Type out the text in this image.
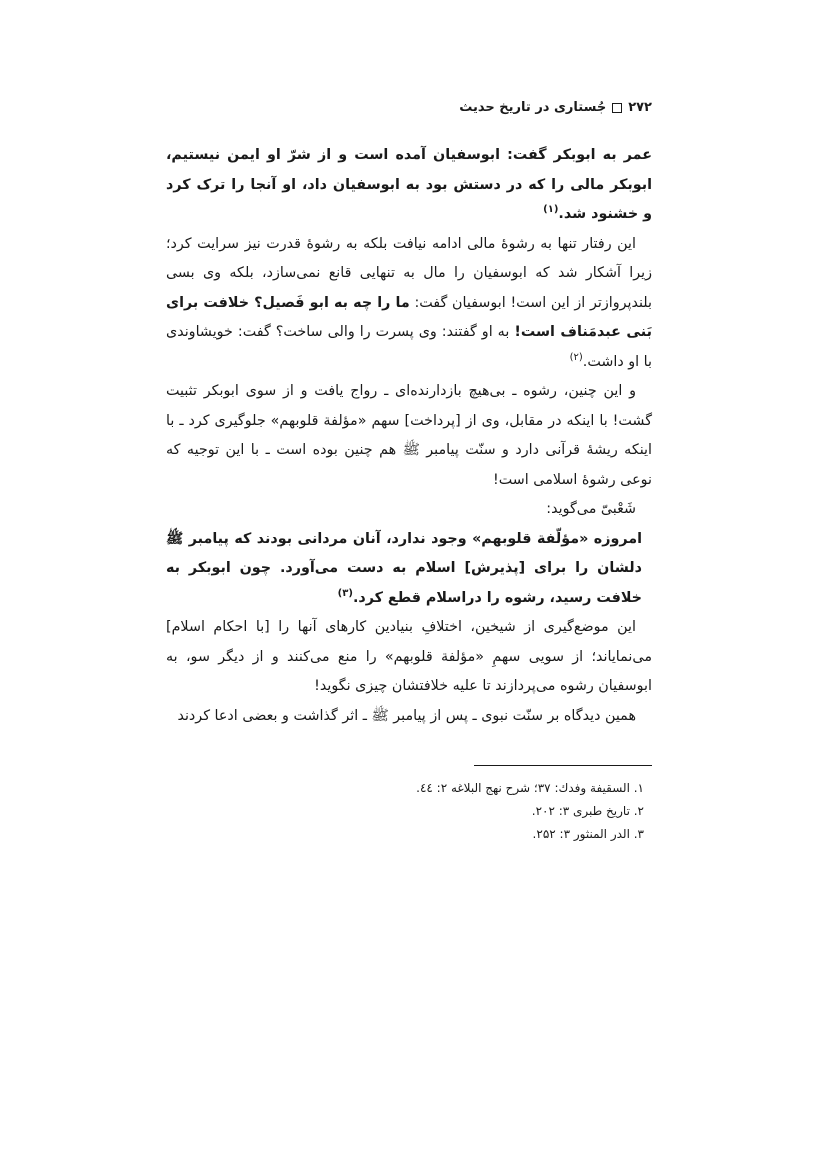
۲۷۲
جُستاری در تاریخ حدیث

عمر به ابوبکر گفت: ابوسفیان آمده است و از شرّ او ایمن نیستیم، ابوبکر مالی را که در دستش بود به ابوسفیان داد، او آنجا را ترک کرد و خشنود شد.$^{(۱)}$

این رفتار تنها به رشوهٔ مالی ادامه نیافت بلکه به رشوهٔ قدرت نیز سرایت کرد؛ زیرا آشکار شد که ابوسفیان را مال به تنهایی قانع نمی‌سازد، بلکه وی بسی بلندپروازتر از این است! ابوسفیان گفت: ما را چه به ابو فَصیل؟ خلافت برای بَنی عبدمَناف است! به او گفتند: وی پسرت را والی ساخت؟ گفت: خویشاوندی با او داشت.$^{(۲)}$

و این چنین، رشوه ـ بی‌هیچ بازدارنده‌ای ـ رواج یافت و از سوی ابوبکر تثبیت گشت! با اینکه در مقابل، وی از [پرداخت] سهم «مؤلفة قلوبهم» جلوگیری کرد ـ با اینکه ریشهٔ قرآنی دارد و سنّت پیامبر ﷺ هم چنین بوده است ـ با این توجیه که نوعی رشوهٔ اسلامی است!

شَعْبیّ می‌گوید:

امروزه «مؤلّفة قلوبهم» وجود ندارد، آنان مردانی بودند که پیامبر ﷺ دلشان را برای [پذیرش] اسلام به دست می‌آورد. چون ابوبکر به خلافت رسید، رشوه را دراسلام قطع کرد.$^{(۳)}$

این موضع‌گیری از شیخین، اختلافِ بنیادین کارهای آنها را [با احکام اسلام] می‌نمایاند؛ از سویی سهمِ «مؤلفة قلوبهم» را منع می‌کنند و از دیگر سو، به ابوسفیان رشوه می‌پردازند تا علیه خلافتشان چیزی نگوید!

همین دیدگاه بر سنّت نبوی ـ پس از پیامبر ﷺ ـ اثر گذاشت و بعضی ادعا کردند

۱. السقیفة وفدك: ۳۷؛ شرح نهج البلاغه ۲: ٤٤.
۲. تاریخ طبری ۳: ۲۰۲.
۳. الدر المنثور ۳: ۲۵۲.
